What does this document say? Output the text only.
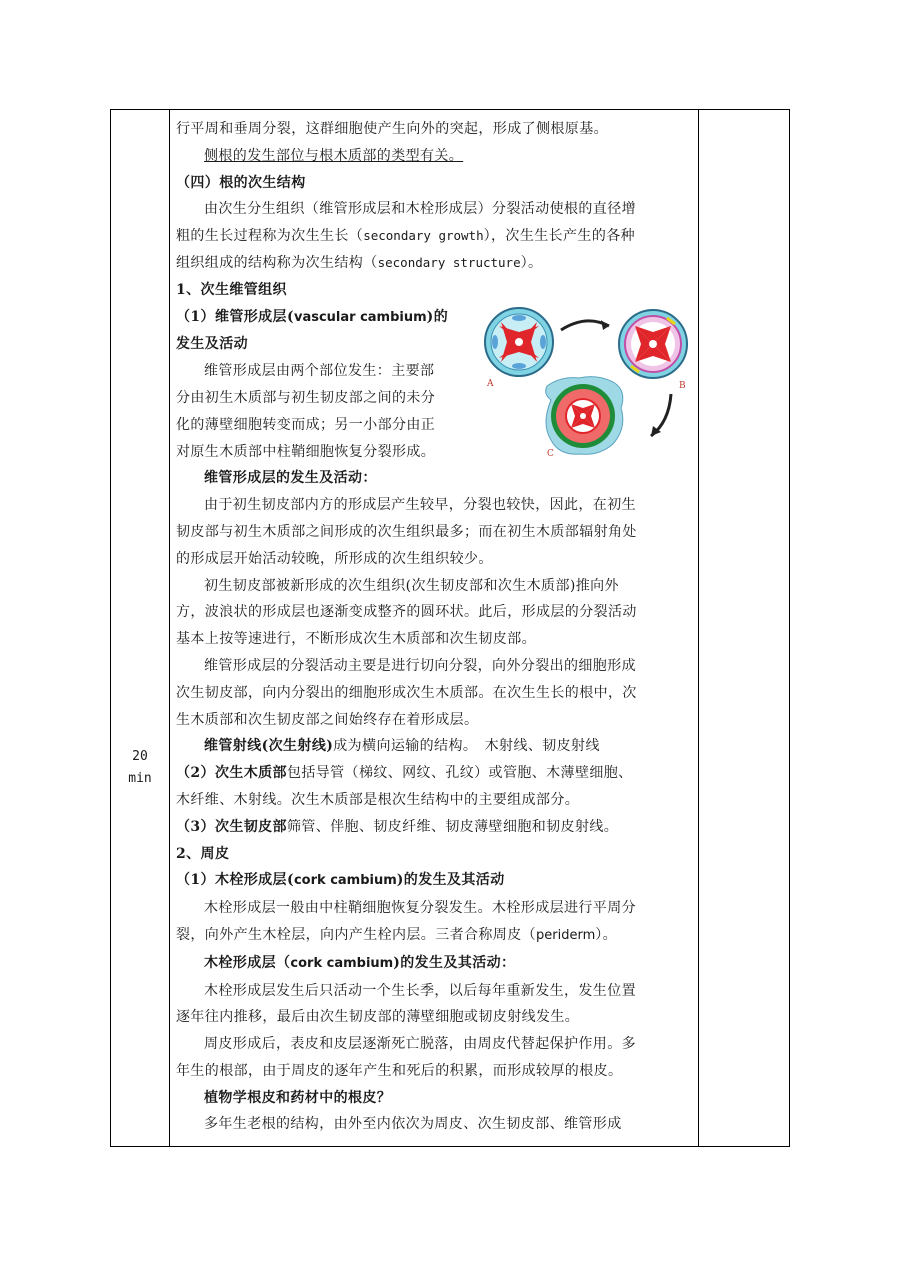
20
min

行平周和垂周分裂，这群细胞使产生向外的突起，形成了侧根原基。

侧根的发生部位与根木质部的类型有关。

（四）根的次生结构

由次生分生组织（维管形成层和木栓形成层）分裂活动使根的直径增

粗的生长过程称为次生生长（secondary growth），次生生长产生的各种

组织组成的结构称为次生结构（secondary structure）。

1、次生维管组织

（1）维管形成层(vascular cambium)的

发生及活动

维管形成层由两个部位发生：主要部

分由初生木质部与初生韧皮部之间的未分

化的薄壁细胞转变而成；另一小部分由正

对原生木质部中柱鞘细胞恢复分裂形成。

维管形成层的发生及活动：

由于初生韧皮部内方的形成层产生较早，分裂也较快，因此，在初生

韧皮部与初生木质部之间形成的次生组织最多；而在初生木质部辐射角处

的形成层开始活动较晚，所形成的次生组织较少。

初生韧皮部被新形成的次生组织(次生韧皮部和次生木质部)推向外

方，波浪状的形成层也逐渐变成整齐的圆环状。此后，形成层的分裂活动

基本上按等速进行，不断形成次生木质部和次生韧皮部。

维管形成层的分裂活动主要是进行切向分裂，向外分裂出的细胞形成

次生韧皮部，向内分裂出的细胞形成次生木质部。在次生生长的根中，次

生木质部和次生韧皮部之间始终存在着形成层。

维管射线(次生射线)成为横向运输的结构。　木射线、韧皮射线

（2）次生木质部包括导管（梯纹、网纹、孔纹）或管胞、木薄壁细胞、

木纤维、木射线。次生木质部是根次生结构中的主要组成部分。

（3）次生韧皮部筛管、伴胞、韧皮纤维、韧皮薄壁细胞和韧皮射线。

2、周皮

（1）木栓形成层(cork cambium)的发生及其活动

木栓形成层一般由中柱鞘细胞恢复分裂发生。木栓形成层进行平周分

裂，向外产生木栓层，向内产生栓内层。三者合称周皮（periderm）。

木栓形成层（cork cambium)的发生及其活动：

木栓形成层发生后只活动一个生长季，以后每年重新发生，发生位置

逐年往内推移，最后由次生韧皮部的薄壁细胞或韧皮射线发生。

周皮形成后，表皮和皮层逐渐死亡脱落，由周皮代替起保护作用。多

年生的根部，由于周皮的逐年产生和死后的积累，而形成较厚的根皮。

植物学根皮和药材中的根皮？

多年生老根的结构，由外至内依次为周皮、次生韧皮部、维管形成

A	B
C
